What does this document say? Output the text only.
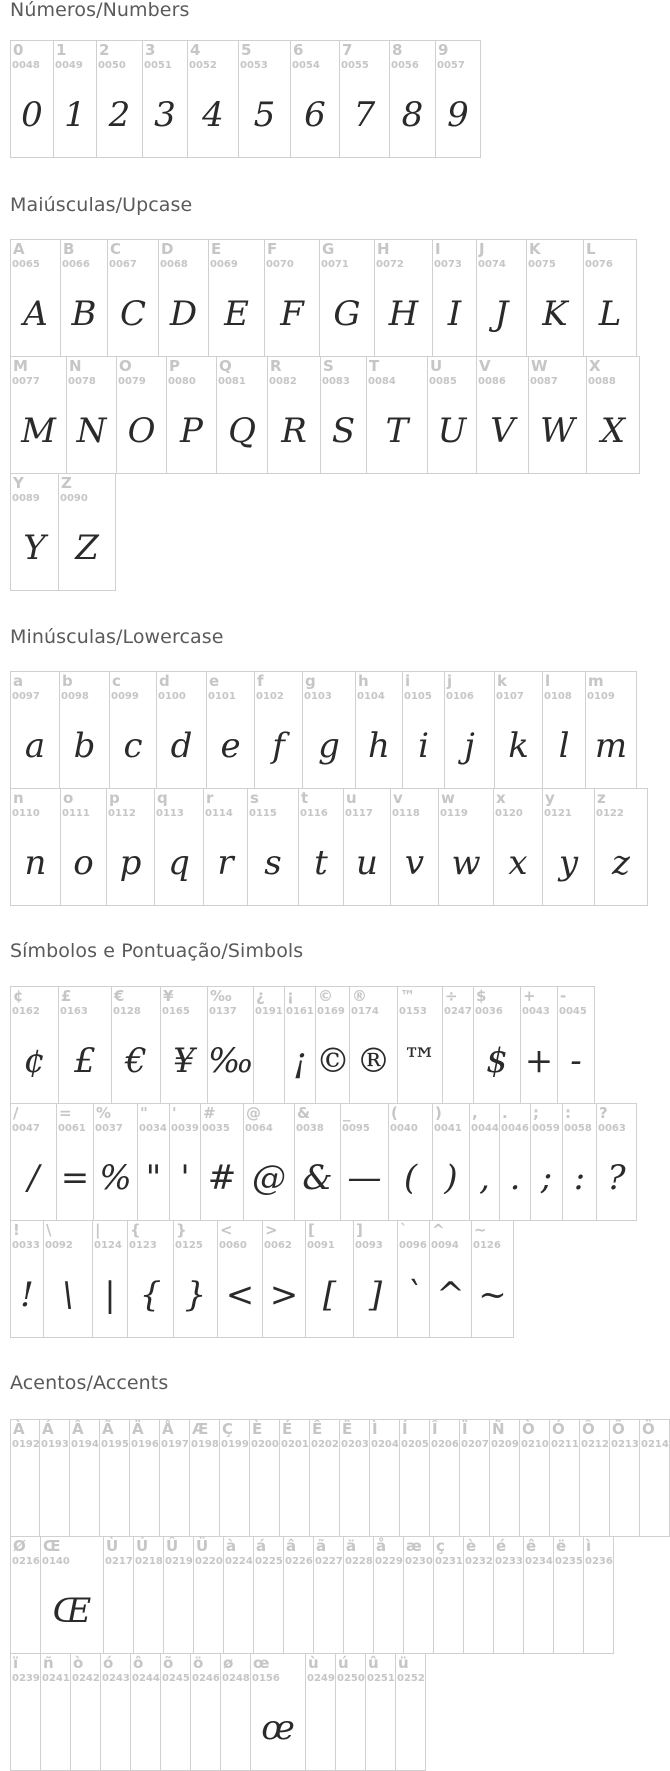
Números/Numbers
0
0048
0
1
0049
1
2
0050
2
3
0051
3
4
0052
4
5
0053
5
6
0054
6
7
0055
7
8
0056
8
9
0057
9
Maiúsculas/Upcase
A
0065
A
B
0066
B
C
0067
C
D
0068
D
E
0069
E
F
0070
F
G
0071
G
H
0072
H
I
0073
I
J
0074
J
K
0075
K
L
0076
L
M
0077
M
N
0078
N
O
0079
O
P
0080
P
Q
0081
Q
R
0082
R
S
0083
S
T
0084
T
U
0085
U
V
0086
V
W
0087
W
X
0088
X
Y
0089
Y
Z
0090
Z
Minúsculas/Lowercase
a
0097
a
b
0098
b
c
0099
c
d
0100
d
e
0101
e
f
0102
f
g
0103
g
h
0104
h
i
0105
i
j
0106
j
k
0107
k
l
0108
l
m
0109
m
n
0110
n
o
0111
o
p
0112
p
q
0113
q
r
0114
r
s
0115
s
t
0116
t
u
0117
u
v
0118
v
w
0119
w
x
0120
x
y
0121
y
z
0122
z
Símbolos e Pontuação/Simbols
¢
0162
¢
£
0163
£
€
0128
€
¥
0165
¥
‰
0137
‰
¿
0191
¡
0161
¡
©
0169
©
®
0174
®
™
0153
™
÷
0247
$
0036
$
+
0043
+
-
0045
-
/
0047
/
=
0061
=
%
0037
%
"
0034
"
'
0039
'
#
0035
#
@
0064
@
&
0038
&
_
0095
—
(
0040
(
)
0041
)
,
0044
,
.
0046
.
;
0059
;
:
0058
:
?
0063
?
!
0033
!
\
0092
\
|
0124
|
{
0123
{
}
0125
}
<
0060
<
>
0062
>
[
0091
[
]
0093
]
`
0096
`
^
0094
^
~
0126
~
Acentos/Accents
À
0192
Á
0193
Â
0194
Ã
0195
Ä
0196
Å
0197
Æ
0198
Ç
0199
È
0200
É
0201
Ê
0202
Ë
0203
Ì
0204
Í
0205
Î
0206
Ï
0207
Ñ
0209
Ò
0210
Ó
0211
Ô
0212
Õ
0213
Ö
0214
Ø
0216
Œ
0140
Œ
Ù
0217
Ú
0218
Û
0219
Ü
0220
à
0224
á
0225
â
0226
ã
0227
ä
0228
å
0229
æ
0230
ç
0231
è
0232
é
0233
ê
0234
ë
0235
ì
0236
ï
0239
ñ
0241
ò
0242
ó
0243
ô
0244
õ
0245
ö
0246
ø
0248
œ
0156
œ
ù
0249
ú
0250
û
0251
ü
0252
